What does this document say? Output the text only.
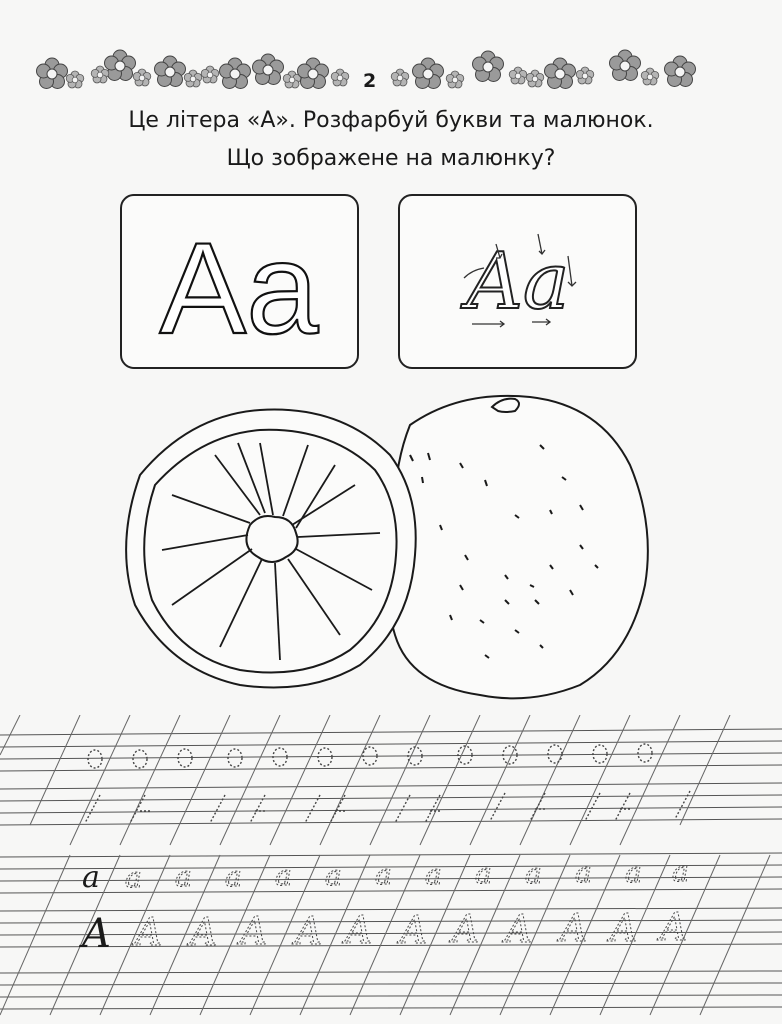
2
Це літера «А». Розфарбуй букви та малюнок.
Що зображене на малюнку?
Aa Aa
a a a a a a a a a a a a a
A A A A A A A A A A A A
